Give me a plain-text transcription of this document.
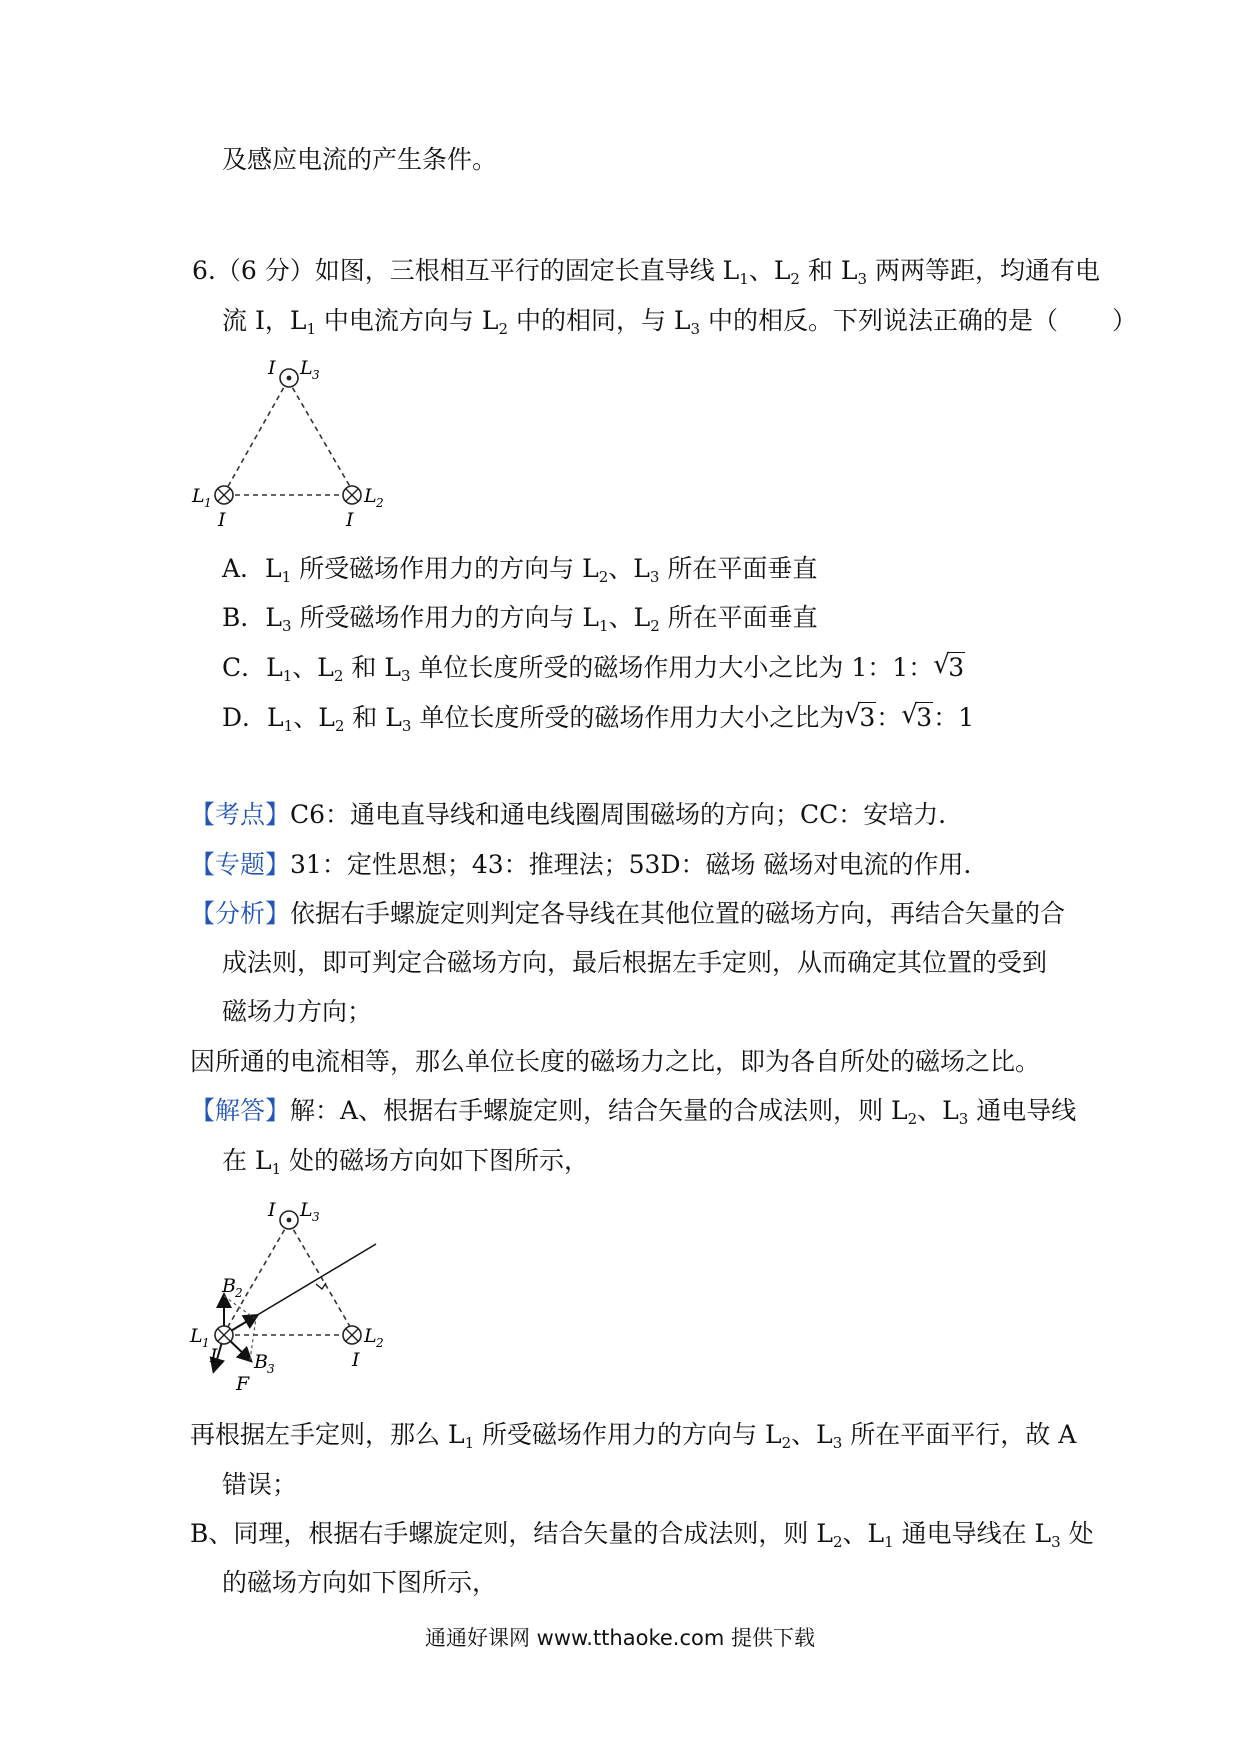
及感应电流的产生条件。
6.（6 分）如图，三根相互平行的固定长直导线 $L_1$、$L_2$ 和 $L_3$ 两两等距，均通有电
流 I，$L_1$ 中电流方向与 $L_2$ 中的相同，与 $L_3$ 中的相反。下列说法正确的是（ ）
I L 3
L 1	L 2
I	I
A．$L_1$ 所受磁场作用力的方向与 $L_2$、$L_3$ 所在平面垂直
B．$L_3$ 所受磁场作用力的方向与 $L_1$、$L_2$ 所在平面垂直
C．$L_1$、$L_2$ 和 $L_3$ 单位长度所受的磁场作用力大小之比为 1：1： √ 3
D．$L_1$、$L_2$ 和 $L_3$ 单位长度所受的磁场作用力大小之比为 √ 3： √ 3：1
【考点】C6：通电直导线和通电线圈周围磁场的方向；CC：安培力．
【专题】31：定性思想；43：推理法；53D：磁场 磁场对电流的作用．
【分析】依据右手螺旋定则判定各导线在其他位置的磁场方向，再结合矢量的合
成法则，即可判定合磁场方向，最后根据左手定则，从而确定其位置的受到
磁场力方向；
因所通的电流相等，那么单位长度的磁场力之比，即为各自所处的磁场之比。
【解答】解：A、根据右手螺旋定则，结合矢量的合成法则，则 $L_2$、$L_3$ 通电导线
在 $L_1$ 处的磁场方向如下图所示，
I L 3
L 1	L 2
I	I
B 2
B 3
F
再根据左手定则，那么 $L_1$ 所受磁场作用力的方向与 $L_2$、$L_3$ 所在平面平行，故 A
错误；
B、同理，根据右手螺旋定则，结合矢量的合成法则，则 $L_2$、$L_1$ 通电导线在 $L_3$ 处
的磁场方向如下图所示，
通通好课网 www.tthaoke.com 提供下载
